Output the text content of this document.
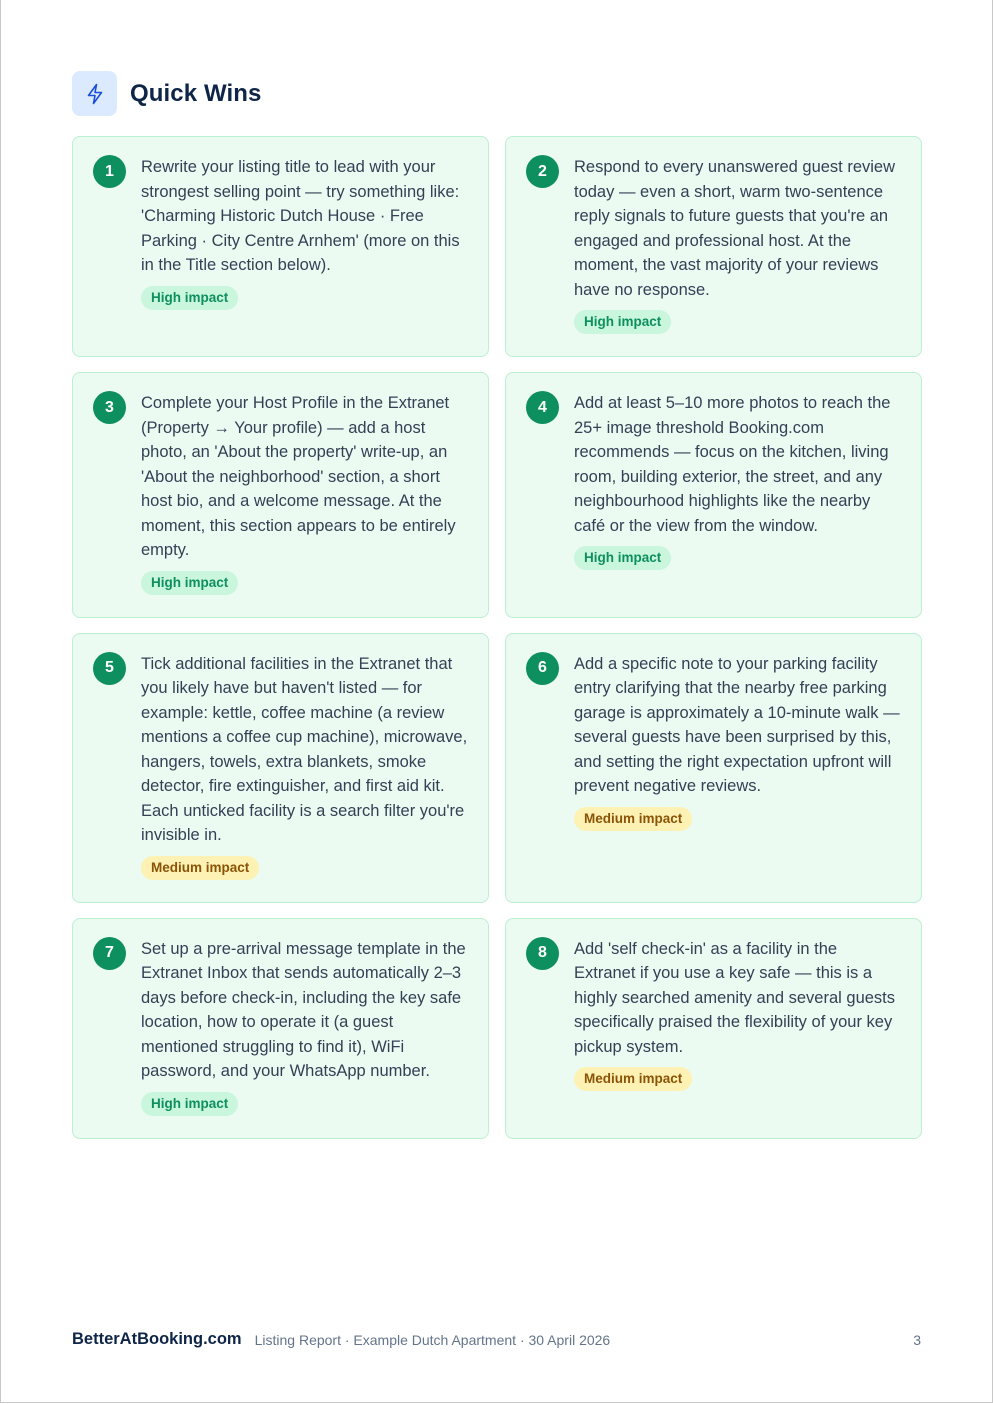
Quick Wins
1	Rewrite your listing title to lead with your strongest selling point — try something like: 'Charming Historic Dutch House · Free Parking · City Centre Arnhem' (more on this in the Title section below).
High impact
2	Respond to every unanswered guest review today — even a short, warm two-sentence reply signals to future guests that you're an engaged and professional host. At the moment, the vast majority of your reviews have no response.
High impact
3	Complete your Host Profile in the Extranet (Property → Your profile) — add a host photo, an 'About the property' write-up, an 'About the neighborhood' section, a short host bio, and a welcome message. At the moment, this section appears to be entirely empty.
High impact
4	Add at least 5–10 more photos to reach the 25+ image threshold Booking.com recommends — focus on the kitchen, living room, building exterior, the street, and any neighbourhood highlights like the nearby café or the view from the window.
High impact
5	Tick additional facilities in the Extranet that you likely have but haven't listed — for example: kettle, coffee machine (a review mentions a coffee cup machine), microwave, hangers, towels, extra blankets, smoke detector, fire extinguisher, and first aid kit. Each unticked facility is a search filter you're invisible in.
Medium impact
6	Add a specific note to your parking facility entry clarifying that the nearby free parking garage is approximately a 10-minute walk — several guests have been surprised by this, and setting the right expectation upfront will prevent negative reviews.
Medium impact
7	Set up a pre-arrival message template in the Extranet Inbox that sends automatically 2–3 days before check-in, including the key safe location, how to operate it (a guest mentioned struggling to find it), WiFi password, and your WhatsApp number.
High impact
8	Add 'self check-in' as a facility in the Extranet if you use a key safe — this is a highly searched amenity and several guests specifically praised the flexibility of your key pickup system.
Medium impact
BetterAtBooking.com Listing Report · Example Dutch Apartment · 30 April 2026	3
